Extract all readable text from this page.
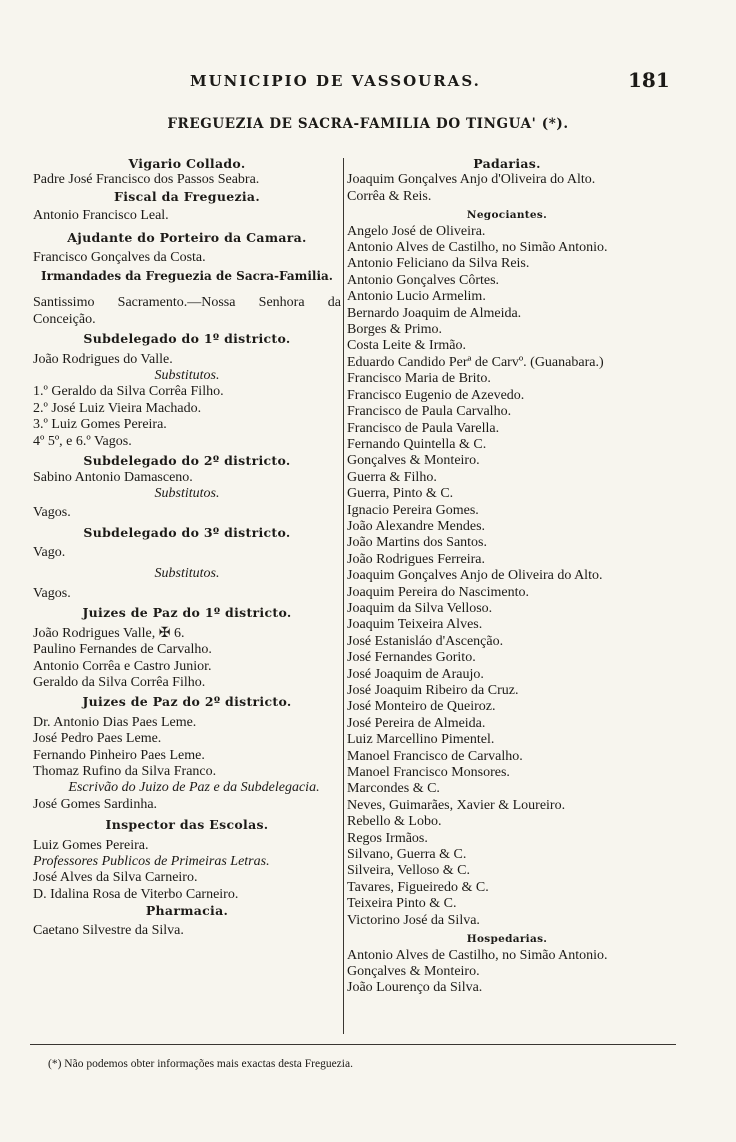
MUNICIPIO DE VASSOURAS.	181
FREGUEZIA DE SACRA-FAMILIA DO TINGUA' (*).
Vigario Collado.
Padre José Francisco dos Passos Seabra.
Fiscal da Freguezia.
Antonio Francisco Leal.
Ajudante do Porteiro da Camara.
Francisco Gonçalves da Costa.
Irmandades da Freguezia de Sacra-Familia.
Santissimo Sacramento.—Nossa Senhora da Conceição.
Subdelegado do 1º districto.
João Rodrigues do Valle.
Substitutos.
1.º Geraldo da Silva Corrêa Filho.
2.º José Luiz Vieira Machado.
3.º Luiz Gomes Pereira.
4º 5º, e 6.º Vagos.
Subdelegado do 2º districto.
Sabino Antonio Damasceno.
Substitutos.
Vagos.
Subdelegado do 3º districto.
Vago.
Substitutos.
Vagos.
Juizes de Paz do 1º districto.
João Rodrigues Valle, ✠ 6.
Paulino Fernandes de Carvalho.
Antonio Corrêa e Castro Junior.
Geraldo da Silva Corrêa Filho.
Juizes de Paz do 2º districto.
Dr. Antonio Dias Paes Leme.
José Pedro Paes Leme.
Fernando Pinheiro Paes Leme.
Thomaz Rufino da Silva Franco.
Escrivão do Juizo de Paz e da Subdelegacia.
José Gomes Sardinha.
Inspector das Escolas.
Luiz Gomes Pereira.
Professores Publicos de Primeiras Letras.
José Alves da Silva Carneiro.
D. Idalina Rosa de Viterbo Carneiro.
Pharmacia.
Caetano Silvestre da Silva.
Padarias.
Joaquim Gonçalves Anjo d'Oliveira do Alto.
Corrêa & Reis.
Negociantes.
Angelo José de Oliveira.
Antonio Alves de Castilho, no Simão Antonio.
Antonio Feliciano da Silva Reis.
Antonio Gonçalves Côrtes.
Antonio Lucio Armelim.
Bernardo Joaquim de Almeida.
Borges & Primo.
Costa Leite & Irmão.
Eduardo Candido Perª de Carvº. (Guanabara.)
Francisco Maria de Brito.
Francisco Eugenio de Azevedo.
Francisco de Paula Carvalho.
Francisco de Paula Varella.
Fernando Quintella & C.
Gonçalves & Monteiro.
Guerra & Filho.
Guerra, Pinto & C.
Ignacio Pereira Gomes.
João Alexandre Mendes.
João Martins dos Santos.
João Rodrigues Ferreira.
Joaquim Gonçalves Anjo de Oliveira do Alto.
Joaquim Pereira do Nascimento.
Joaquim da Silva Velloso.
Joaquim Teixeira Alves.
José Estanisláo d'Ascenção.
José Fernandes Gorito.
José Joaquim de Araujo.
José Joaquim Ribeiro da Cruz.
José Monteiro de Queiroz.
José Pereira de Almeida.
Luiz Marcellino Pimentel.
Manoel Francisco de Carvalho.
Manoel Francisco Monsores.
Marcondes & C.
Neves, Guimarães, Xavier & Loureiro.
Rebello & Lobo.
Regos Irmãos.
Silvano, Guerra & C.
Silveira, Velloso & C.
Tavares, Figueiredo & C.
Teixeira Pinto & C.
Victorino José da Silva.
Hospedarias.
Antonio Alves de Castilho, no Simão Antonio.
Gonçalves & Monteiro.
João Lourenço da Silva.
(*) Não podemos obter informações mais exactas desta Freguezia.
